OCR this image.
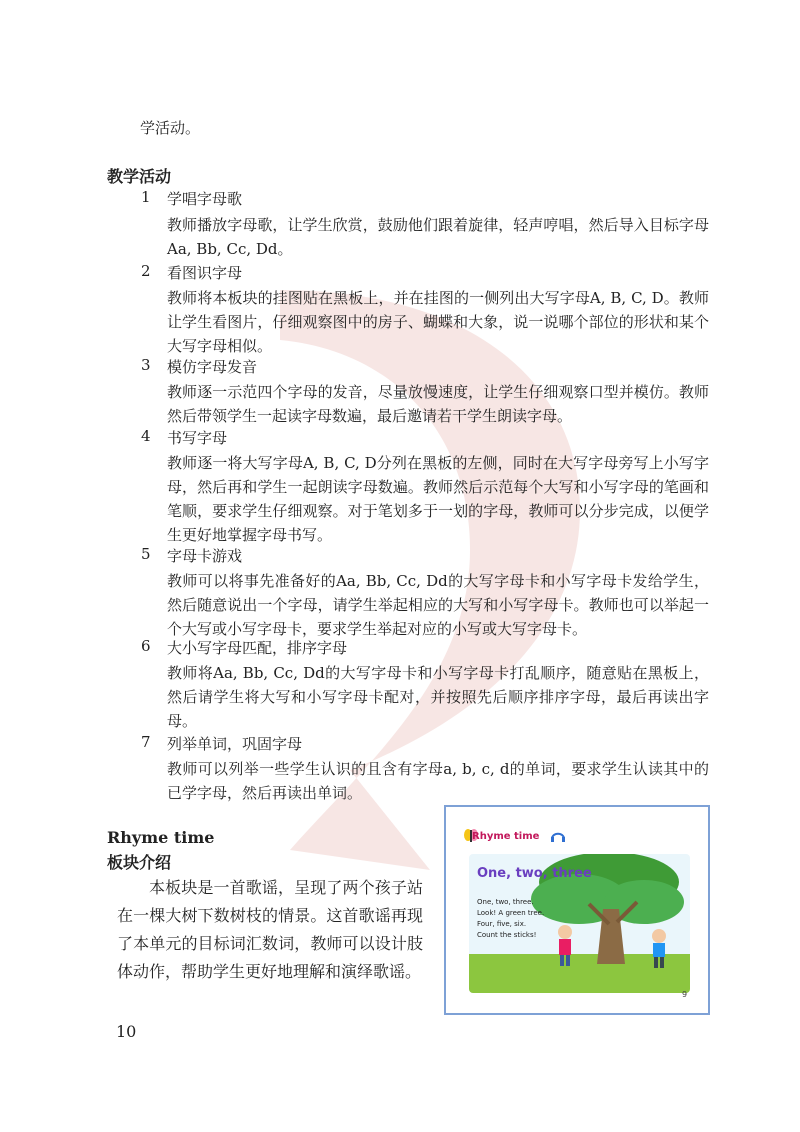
学活动。
教学活动
1 学唱字母歌
教师播放字母歌，让学生欣赏，鼓励他们跟着旋律，轻声哼唱，然后导入目标字母Aa, Bb, Cc, Dd。
2 看图识字母
教师将本板块的挂图贴在黑板上，并在挂图的一侧列出大写字母A, B, C, D。教师让学生看图片，仔细观察图中的房子、蝴蝶和大象，说一说哪个部位的形状和某个大写字母相似。
3 模仿字母发音
教师逐一示范四个字母的发音，尽量放慢速度，让学生仔细观察口型并模仿。教师然后带领学生一起读字母数遍，最后邀请若干学生朗读字母。
4 书写字母
教师逐一将大写字母A, B, C, D分列在黑板的左侧，同时在大写字母旁写上小写字母，然后再和学生一起朗读字母数遍。教师然后示范每个大写和小写字母的笔画和笔顺，要求学生仔细观察。对于笔划多于一划的字母，教师可以分步完成，以便学生更好地掌握字母书写。
5 字母卡游戏
教师可以将事先准备好的Aa, Bb, Cc, Dd的大写字母卡和小写字母卡发给学生，然后随意说出一个字母，请学生举起相应的大写和小写字母卡。教师也可以举起一个大写或小写字母卡，要求学生举起对应的小写或大写字母卡。
6 大小写字母匹配，排序字母
教师将Aa, Bb, Cc, Dd的大写字母卡和小写字母卡打乱顺序，随意贴在黑板上，然后请学生将大写和小写字母卡配对，并按照先后顺序排序字母，最后再读出字母。
7 列举单词，巩固字母
教师可以列举一些学生认识的且含有字母a, b, c, d的单词，要求学生认读其中的已学字母，然后再读出单词。
Rhyme time
板块介绍
本板块是一首歌谣，呈现了两个孩子站在一棵大树下数树枝的情景。这首歌谣再现了本单元的目标词汇数词，教师可以设计肢体动作，帮助学生更好地理解和演绎歌谣。
Rhyme time
One, two, three
One, two, three.
Look! A green tree.
Four, five, six.
Count the sticks!
9
10
